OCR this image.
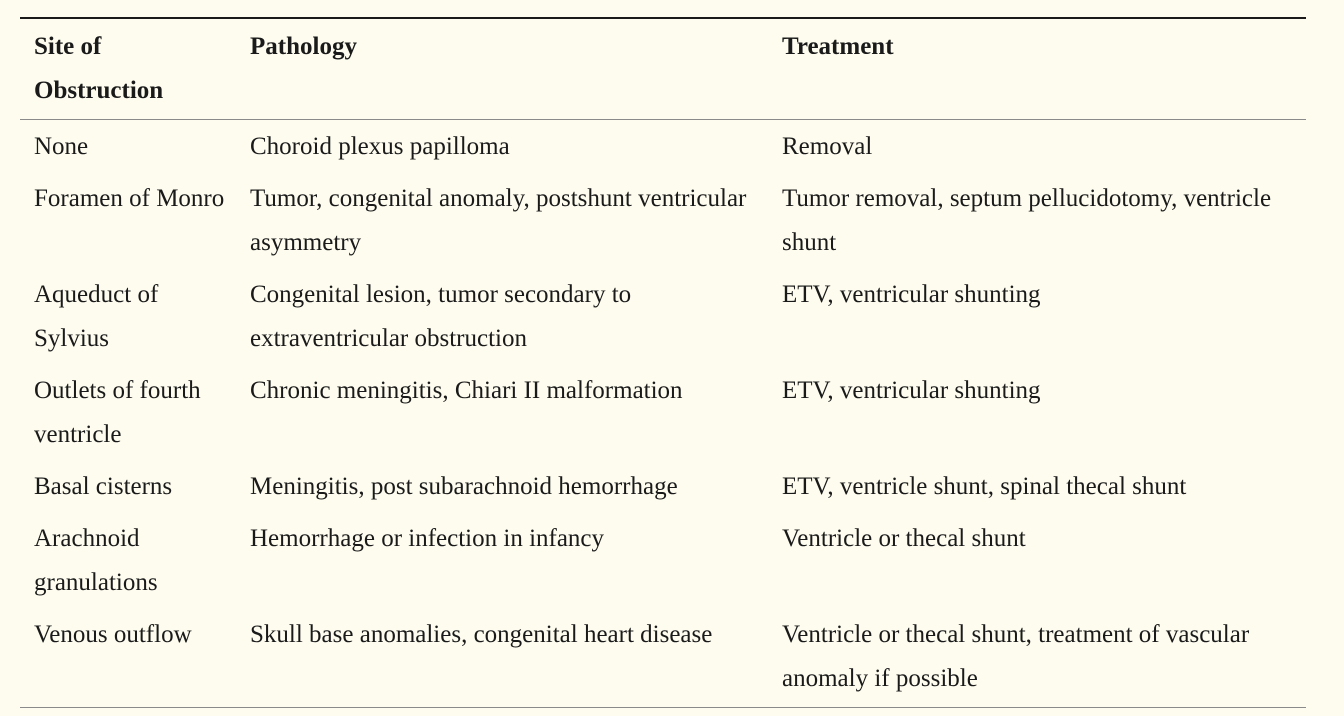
Site of Obstruction	Pathology	Treatment
None	Choroid plexus papilloma	Removal
Foramen of Monro	Tumor, congenital anomaly, postshunt ventricular asymmetry	Tumor removal, septum pellucidotomy, ventricle shunt
Aqueduct of Sylvius	Congenital lesion, tumor secondary to extraventricular obstruction	ETV, ventricular shunting
Outlets of fourth ventricle	Chronic meningitis, Chiari II malformation	ETV, ventricular shunting
Basal cisterns	Meningitis, post subarachnoid hemorrhage	ETV, ventricle shunt, spinal thecal shunt
Arachnoid granulations	Hemorrhage or infection in infancy	Ventricle or thecal shunt
Venous outflow	Skull base anomalies, congenital heart disease	Ventricle or thecal shunt, treatment of vascular anomaly if possible
